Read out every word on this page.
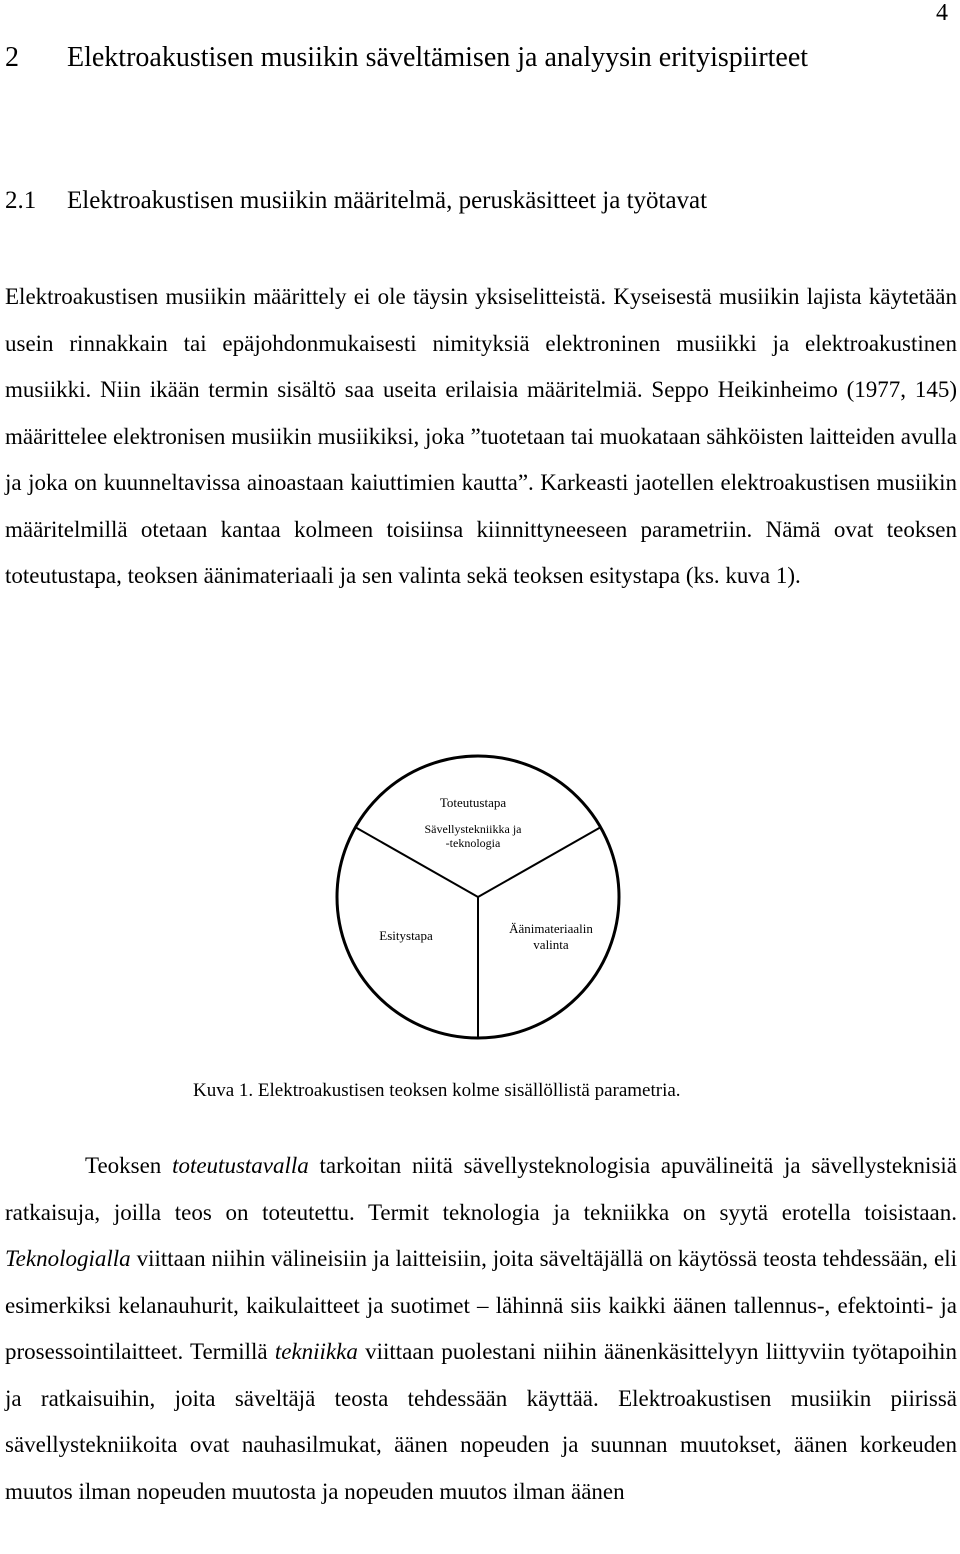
4
2 Elektroakustisen musiikin säveltämisen ja analyysin erityispiirteet
2.1 Elektroakustisen musiikin määritelmä, peruskäsitteet ja työtavat
Elektroakustisen musiikin määrittely ei ole täysin yksiselitteistä. Kyseisestä musiikin lajista käytetään usein rinnakkain tai epäjohdonmukaisesti nimityksiä elektroninen musiikki ja elektroakustinen musiikki. Niin ikään termin sisältö saa useita erilaisia määritelmiä. Seppo Heikinheimo (1977, 145) määrittelee elektronisen musiikin musiikiksi, joka ”tuotetaan tai muokataan sähköisten laitteiden avulla ja joka on kuunneltavissa ainoastaan kaiuttimien kautta”. Karkeasti jaotellen elektroakustisen musiikin määritelmillä otetaan kantaa kolmeen toisiinsa kiinnittyneeseen parametriin. Nämä ovat teoksen toteutustapa, teoksen äänimateriaali ja sen valinta sekä teoksen esitystapa (ks. kuva 1).
Toteutustapa
Sävellystekniikka ja
-teknologia
Esitystapa	Äänimateriaalin
valinta
Kuva 1. Elektroakustisen teoksen kolme sisällöllistä parametria.
Teoksen toteutustavalla tarkoitan niitä sävellysteknologisia apuvälineitä ja sävellysteknisiä ratkaisuja, joilla teos on toteutettu. Termit teknologia ja tekniikka on syytä erotella toisistaan. Teknologialla viittaan niihin välineisiin ja laitteisiin, joita säveltäjällä on käytössä teosta tehdessään, eli esimerkiksi kelanauhurit, kaikulaitteet ja suotimet – lähinnä siis kaikki äänen tallennus-, efektointi- ja prosessointilaitteet. Termillä tekniikka viittaan puolestani niihin äänenkäsittelyyn liittyviin työtapoihin ja ratkaisuihin, joita säveltäjä teosta tehdessään käyttää. Elektroakustisen musiikin piirissä sävellystekniikoita ovat nauhasilmukat, äänen nopeuden ja suunnan muutokset, äänen korkeuden muutos ilman nopeuden muutosta ja nopeuden muutos ilman äänen
